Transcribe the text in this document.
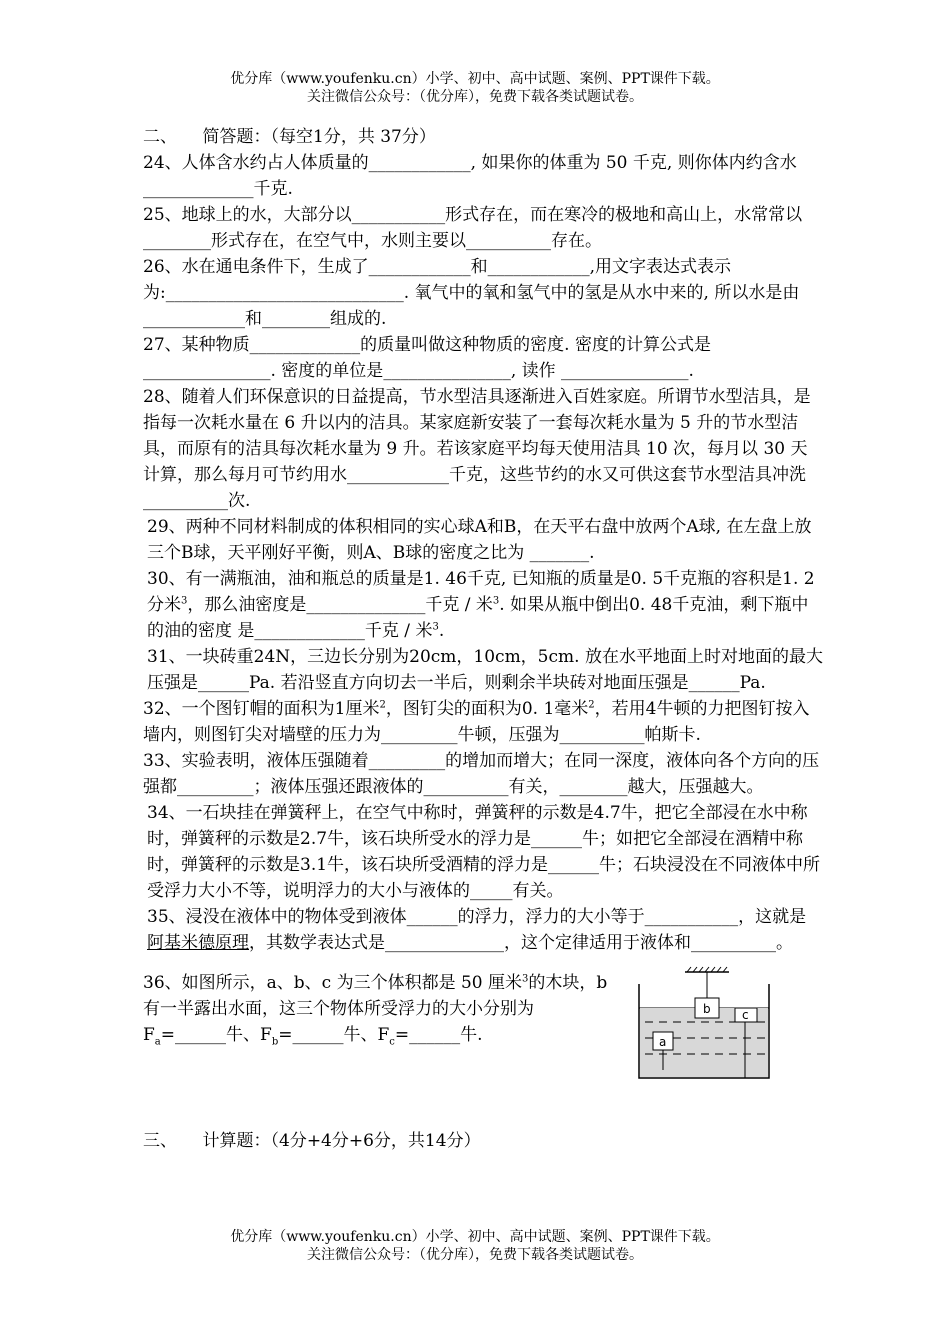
优分库（www.youfenku.cn）小学、初中、高中试题、案例、PPT课件下载。
关注微信公众号：（优分库），免费下载各类试题试卷。
二、　　简答题：（每空1分，共 37分）

24、人体含水约占人体质量的____________, 如果你的体重为 50 千克, 则你体内约含水_____________千克.

25、地球上的水，大部分以___________形式存在，而在寒冷的极地和高山上，水常常以________形式存在，在空气中，水则主要以__________存在。

26、水在通电条件下，生成了____________和____________,用文字表达式表示为:____________________________. 氧气中的氧和氢气中的氢是从水中来的, 所以水是由____________和________组成的.

27、某种物质_____________的质量叫做这种物质的密度. 密度的计算公式是_______________. 密度的单位是_______________, 读作 _______________.

28、随着人们环保意识的日益提高，节水型洁具逐渐进入百姓家庭。所谓节水型洁具，是指每一次耗水量在 6 升以内的洁具。某家庭新安装了一套每次耗水量为 5 升的节水型洁具，而原有的洁具每次耗水量为 9 升。若该家庭平均每天使用洁具 10 次，每月以 30 天计算，那么每月可节约用水____________千克，这些节约的水又可供这套节水型洁具冲洗__________次.

29、两种不同材料制成的体积相同的实心球A和B，在天平右盘中放两个A球, 在左盘上放三个B球，天平刚好平衡，则A、B球的密度之比为 _______.

30、有一满瓶油，油和瓶总的质量是1. 46千克, 已知瓶的质量是0. 5千克瓶的容积是1. 2分米$^3$，那么油密度是______________千克 / 米$^3$. 如果从瓶中倒出0. 48千克油，剩下瓶中的油的密度 是_____________千克 / 米$^3$.

31、一块砖重24N，三边长分别为20cm，10cm，5cm. 放在水平地面上时对地面的最大压强是______Pa. 若沿竖直方向切去一半后，则剩余半块砖对地面压强是______Pa.

32、一个图钉帽的面积为1厘米$^2$，图钉尖的面积为0. 1毫米$^2$，若用4牛顿的力把图钉按入墙内，则图钉尖对墙壁的压力为_________牛顿，压强为__________帕斯卡.

33、实验表明，液体压强随着_________的增加而增大；在同一深度，液体向各个方向的压强都_________；液体压强还跟液体的__________有关，________越大，压强越大。

34、一石块挂在弹簧秤上，在空气中称时，弹簧秤的示数是4.7牛，把它全部浸在水中称时，弹簧秤的示数是2.7牛，该石块所受水的浮力是______牛；如把它全部浸在酒精中称时，弹簧秤的示数是3.1牛，该石块所受酒精的浮力是______牛；石块浸没在不同液体中所受浮力大小不等，说明浮力的大小与液体的_____有关。

35、浸没在液体中的物体受到液体______的浮力，浮力的大小等于___________，这就是阿基米德原理，其数学表达式是______________，这个定律适用于液体和__________。

36、如图所示，a、b、c 为三个体积都是 50 厘米$^3$的木块，b 有一半露出水面，这三个物体所受浮力的大小分别为 $F_a=\_\_\_\_\_\_$牛、$F_b=\_\_\_\_\_\_$牛、$F_c=\_\_\_\_\_\_$牛.

b	c
a
三、　　计算题：（4分+4分+6分，共14分）
优分库（www.youfenku.cn）小学、初中、高中试题、案例、PPT课件下载。
关注微信公众号：（优分库），免费下载各类试题试卷。
